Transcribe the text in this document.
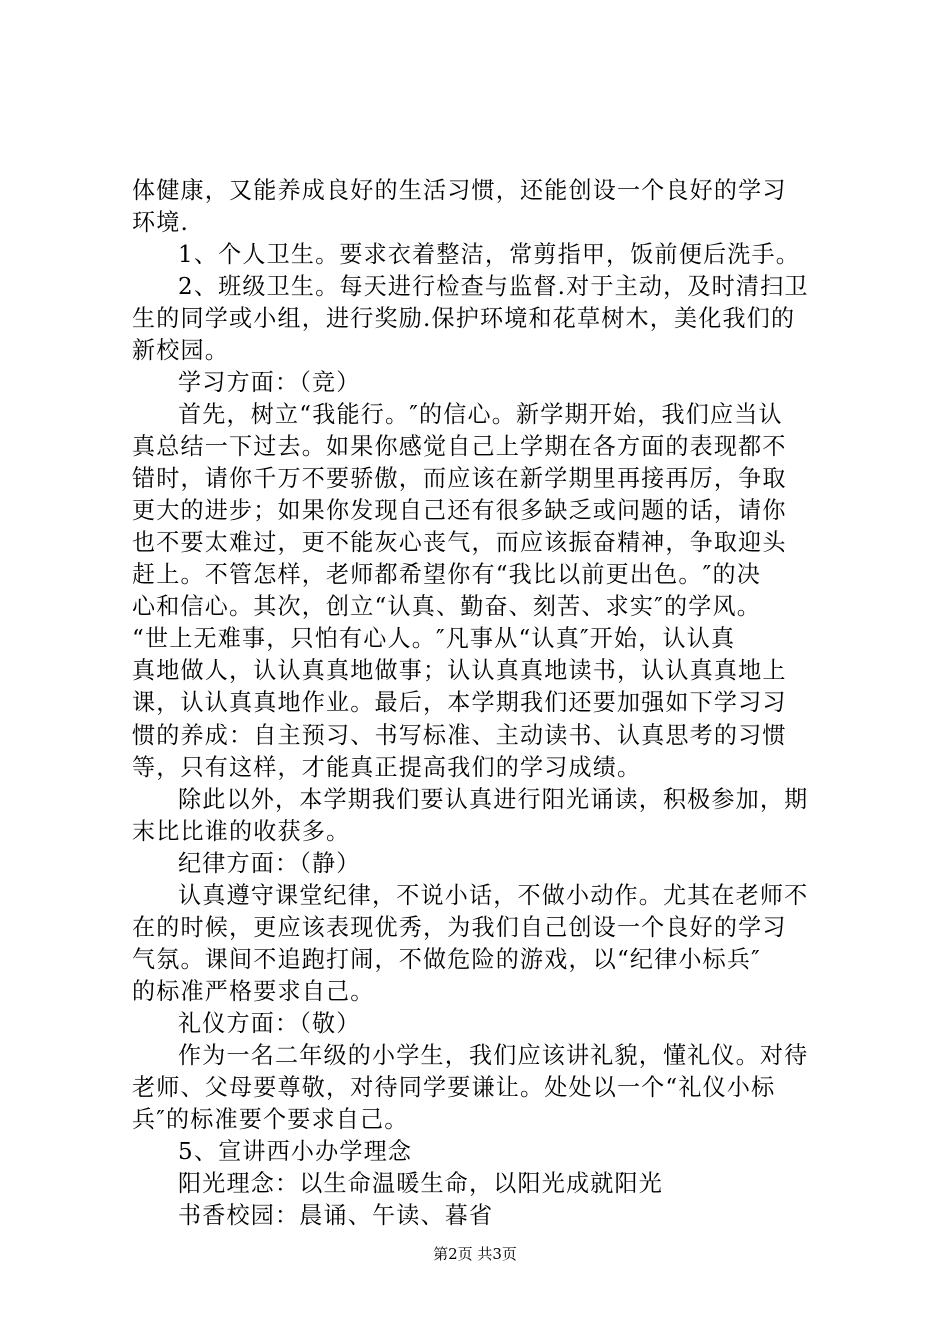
体健康，又能养成良好的生活习惯，还能创设一个良好的学习
环境.
1、个人卫生。要求衣着整洁，常剪指甲，饭前便后洗手。
2、班级卫生。每天进行检查与监督.对于主动，及时清扫卫
生的同学或小组，进行奖励.保护环境和花草树木，美化我们的
新校园。
学习方面：（竞）
首先，树立“我能行。″的信心。新学期开始，我们应当认
真总结一下过去。如果你感觉自己上学期在各方面的表现都不
错时，请你千万不要骄傲，而应该在新学期里再接再厉，争取
更大的进步；如果你发现自己还有很多缺乏或问题的话，请你
也不要太难过，更不能灰心丧气，而应该振奋精神，争取迎头
赶上。不管怎样，老师都希望你有“我比以前更出色。″的决
心和信心。其次，创立“认真、勤奋、刻苦、求实″的学风。
“世上无难事，只怕有心人。″凡事从“认真″开始，认认真
真地做人，认认真真地做事；认认真真地读书，认认真真地上
课，认认真真地作业。最后，本学期我们还要加强如下学习习
惯的养成：自主预习、书写标准、主动读书、认真思考的习惯
等，只有这样，才能真正提高我们的学习成绩。
除此以外，本学期我们要认真进行阳光诵读，积极参加，期
末比比谁的收获多。
纪律方面：（静）
认真遵守课堂纪律，不说小话，不做小动作。尤其在老师不
在的时候，更应该表现优秀，为我们自己创设一个良好的学习
气氛。课间不追跑打闹，不做危险的游戏，以“纪律小标兵″
的标准严格要求自己。
礼仪方面：（敬）
作为一名二年级的小学生，我们应该讲礼貌，懂礼仪。对待
老师、父母要尊敬，对待同学要谦让。处处以一个“礼仪小标
兵″的标准要个要求自己。
5、宣讲西小办学理念
阳光理念：以生命温暖生命，以阳光成就阳光
书香校园：晨诵、午读、暮省
第2页 共3页
